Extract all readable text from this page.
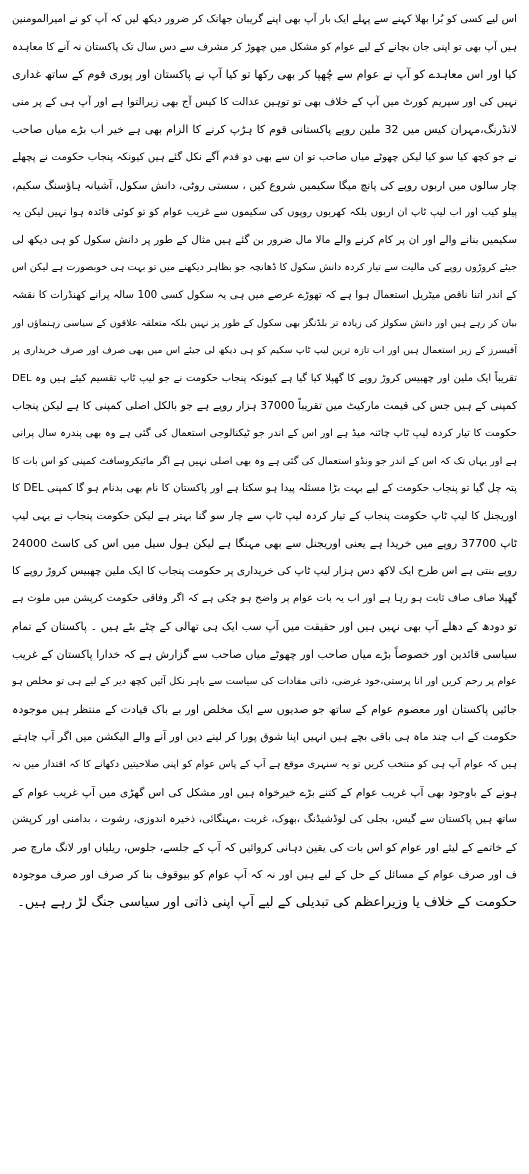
اس لیے کسی کو بُرا بھلا کہنے سے پہلے ایک بار آپ بھی اپنے گریبان جھانک کر ضرور دیکھ لیں کہ آپ کو نے امیرالمومنین
ہیں آپ بھی تو اپنی جان بچانے کے لیے عوام کو مشکل میں چھوڑ کر مشرف سے دس سال تک پاکستان نہ آنے کا معاہدہ
کیا اور اس معاہدے کو آپ نے عوام سے چُھپا کر بھی رکھا تو کیا آپ نے پاکستان اور پوری قوم کے ساتھ غداری
نہیں کی اور سپریم کورٹ میں آپ کے خلاف بھی تو توہین عدالت کا کیس آج بھی زیرالتوا ہے اور آپ ہی کے پر منی
لانڈرنگ،مہران کیس میں 32 ملین روپے پاکستانی قوم کا ہڑپ کرنے کا الزام بھی ہے خیر اب بڑے میاں صاحب
نے جو کچھ کیا سو کیا لیکن چھوٹے میاں صاحب تو ان سے بھی دو قدم آگے نکل گئے ہیں کیونکہ پنجاب حکومت نے پچھلے
چار سالوں میں اربوں روپے کی پانچ میگا سکیمیں شروع کیں ، سستی روٹی، دانش سکول، آشیانہ ہاؤسنگ سکیم،
پیلو کیب اور اب لیپ ٹاپ ان اربوں بلکہ کھربوں روپوں کی سکیموں سے غریب عوام کو تو کوئی فائدہ ہوا نہیں لیکن یہ
سکیمیں بنانے والے اور ان پر کام کرنے والے مالا مال ضرور بن گئے ہیں مثال کے طور پر دانش سکول کو ہی دیکھ لی
جیئے کروڑوں روپے کی مالیت سے تیار کردہ دانش سکول کا ڈھانچہ جو بظاہر دیکھنے میں تو بہت ہی خوبصورت ہے لیکن اس
کے اندر اتنا ناقص میٹریل استعمال ہوا ہے کہ تھوڑے عرصے میں ہی یہ سکول کسی 100 سالہ پرانے کھنڈرات کا نقشہ
بیان کر رہے ہیں اور دانش سکولز کی زیادہ تر بلڈنگز بھی سکول کے طور پر نہیں بلکہ متعلقہ علاقوں کے سیاسی رہنماؤں اور
آفیسرز کے زیر استعمال ہیں اور اب تازہ ترین لیپ ٹاپ سکیم کو ہی دیکھ لی جیئے اس میں بھی صرف اور صرف خریداری پر
تقریباً ایک ملین اور چھبیس کروڑ روپے کا گھپلا کیا گیا ہے کیونکہ پنجاب حکومت نے جو لیپ ٹاپ تقسیم کیئے ہیں وہ DEL
کمپنی کے ہیں جس کی قیمت مارکیٹ میں تقریباً 37000 ہزار روپے ہے جو بالکل اصلی کمپنی کا ہے لیکن پنجاب
حکومت کا تیار کردہ لیپ ٹاپ چائنہ میڈ ہے اور اس کے اندر جو ٹیکنالوجی استعمال کی گئی ہے وہ بھی پندرہ سال پرانی
ہے اور یہاں تک کہ اس کے اندر جو ونڈو استعمال کی گئی ہے وہ بھی اصلی نہیں ہے اگر مائیکروسافٹ کمپنی کو اس بات کا
پتہ چل گیا تو پنجاب حکومت کے لیے بہت بڑا مسئلہ پیدا ہو سکتا ہے اور پاکستان کا نام بھی بدنام ہو گا کمپنی DEL کا
اوریجنل کا لیپ ٹاپ حکومت پنجاب کے تیار کردہ لیپ ٹاپ سے چار سو گنا بہتر ہے لیکن حکومت پنجاب نے یہی لیپ
ٹاپ 37700 روپے میں خریدا ہے یعنی اوریجنل سے بھی مہنگا ہے لیکن ہول سیل میں اس کی کاسٹ 24000
روپے بنتی ہے اس طرح ایک لاکھ دس ہزار لیپ ٹاپ کی خریداری پر حکومت پنجاب کا ایک ملین چھبیس کروڑ روپے کا
گھپلا صاف صاف ثابت ہو رہا ہے اور اب یہ بات عوام پر واضح ہو چکی ہے کہ اگر وفاقی حکومت کرپشن میں ملوث ہے
تو دودھ کے دھلے آپ بھی نہیں ہیں اور حقیقت میں آپ سب ایک ہی تھالی کے چٹے بٹے ہیں ۔ پاکستان کے تمام
سیاسی قائدین اور خصوصاً بڑے میاں صاحب اور چھوٹے میاں صاحب سے گزارش ہے کہ خدارا پاکستان کے غریب
عوام پر رحم کریں اور انا پرستی،خود غرضی، ذاتی مفادات کی سیاست سے باہر نکل آئیں کچھ دیر کے لیے ہی تو مخلص ہو
جائیں پاکستان اور معصوم عوام کے ساتھ جو صدیوں سے ایک مخلص اور بے باک قیادت کے منتظر ہیں موجودہ
حکومت کے اب چند ماہ ہی باقی بچے ہیں انہیں اپنا شوق پورا کر لینے دیں اور آنے والے الیکشن میں اگر آپ چاہتے
ہیں کہ عوام آپ ہی کو منتخب کریں تو یہ سنہری موقع ہے آپ کے پاس عوام کو اپنی صلاحیتیں دکھانے کا کہ اقتدار میں نہ
ہونے کے باوجود بھی آپ غریب عوام کے کتنے بڑے خیرخواہ ہیں اور مشکل کی اس گھڑی میں آپ غریب عوام کے
ساتھ ہیں پاکستان سے گیس، بجلی کی لوڈشیڈنگ ،بھوک، غربت ،مہنگائی، ذخیرہ اندوزی، رشوت ، بدامنی اور کرپشن
کے خاتمے کے لیئے اور عوام کو اس بات کی یقین دہانی کروائیں کہ آپ کے جلسے، جلوس، ریلیاں اور لانگ مارچ صر
ف اور صرف عوام کے مسائل کے حل کے لیے ہیں اور نہ کہ آپ عوام کو بیوقوف بنا کر صرف اور صرف موجودہ
حکومت کے خلاف یا وزیراعظم کی تبدیلی کے لیے آپ اپنی ذاتی اور سیاسی جنگ لڑ رہے ہیں۔
